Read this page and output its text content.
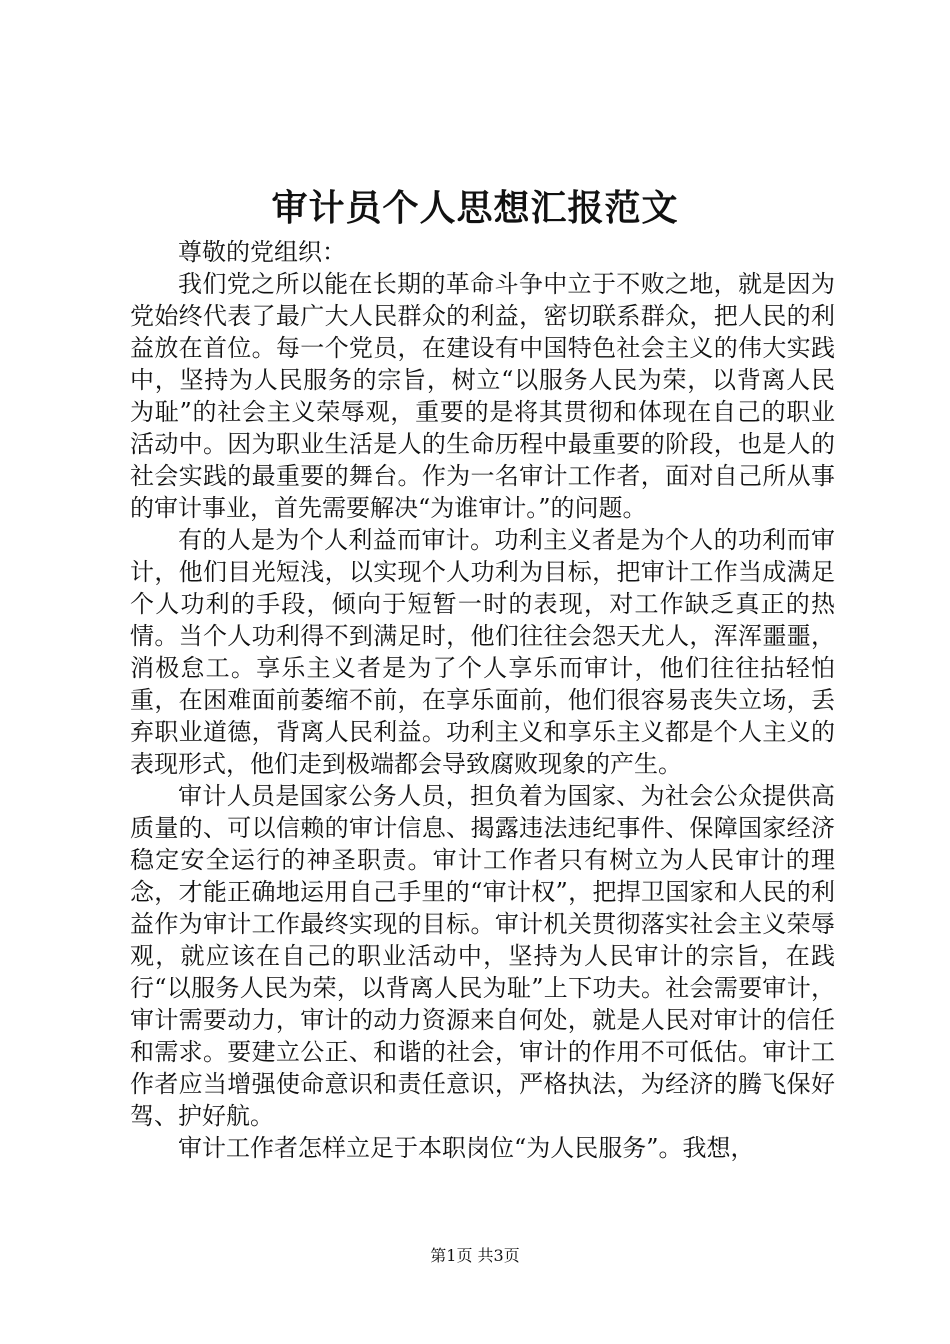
审计员个人思想汇报范文

尊敬的党组织：

我们党之所以能在长期的革命斗争中立于不败之地，就是因为党始终代表了最广大人民群众的利益，密切联系群众，把人民的利益放在首位。每一个党员，在建设有中国特色社会主义的伟大实践中，坚持为人民服务的宗旨，树立“以服务人民为荣，以背离人民为耻”的社会主义荣辱观，重要的是将其贯彻和体现在自己的职业活动中。因为职业生活是人的生命历程中最重要的阶段，也是人的社会实践的最重要的舞台。作为一名审计工作者，面对自己所从事的审计事业，首先需要解决“为谁审计。”的问题。

有的人是为个人利益而审计。功利主义者是为个人的功利而审计，他们目光短浅，以实现个人功利为目标，把审计工作当成满足个人功利的手段，倾向于短暂一时的表现，对工作缺乏真正的热情。当个人功利得不到满足时，他们往往会怨天尤人，浑浑噩噩，消极怠工。享乐主义者是为了个人享乐而审计，他们往往拈轻怕重，在困难面前萎缩不前，在享乐面前，他们很容易丧失立场，丢弃职业道德，背离人民利益。功利主义和享乐主义都是个人主义的表现形式，他们走到极端都会导致腐败现象的产生。

审计人员是国家公务人员，担负着为国家、为社会公众提供高质量的、可以信赖的审计信息、揭露违法违纪事件、保障国家经济稳定安全运行的神圣职责。审计工作者只有树立为人民审计的理念，才能正确地运用自己手里的“审计权”，把捍卫国家和人民的利益作为审计工作最终实现的目标。审计机关贯彻落实社会主义荣辱观，就应该在自己的职业活动中，坚持为人民审计的宗旨，在践行“以服务人民为荣，以背离人民为耻”上下功夫。社会需要审计，审计需要动力，审计的动力资源来自何处，就是人民对审计的信任和需求。要建立公正、和谐的社会，审计的作用不可低估。审计工作者应当增强使命意识和责任意识，严格执法，为经济的腾飞保好驾、护好航。

审计工作者怎样立足于本职岗位“为人民服务”。我想，

第1页 共3页
